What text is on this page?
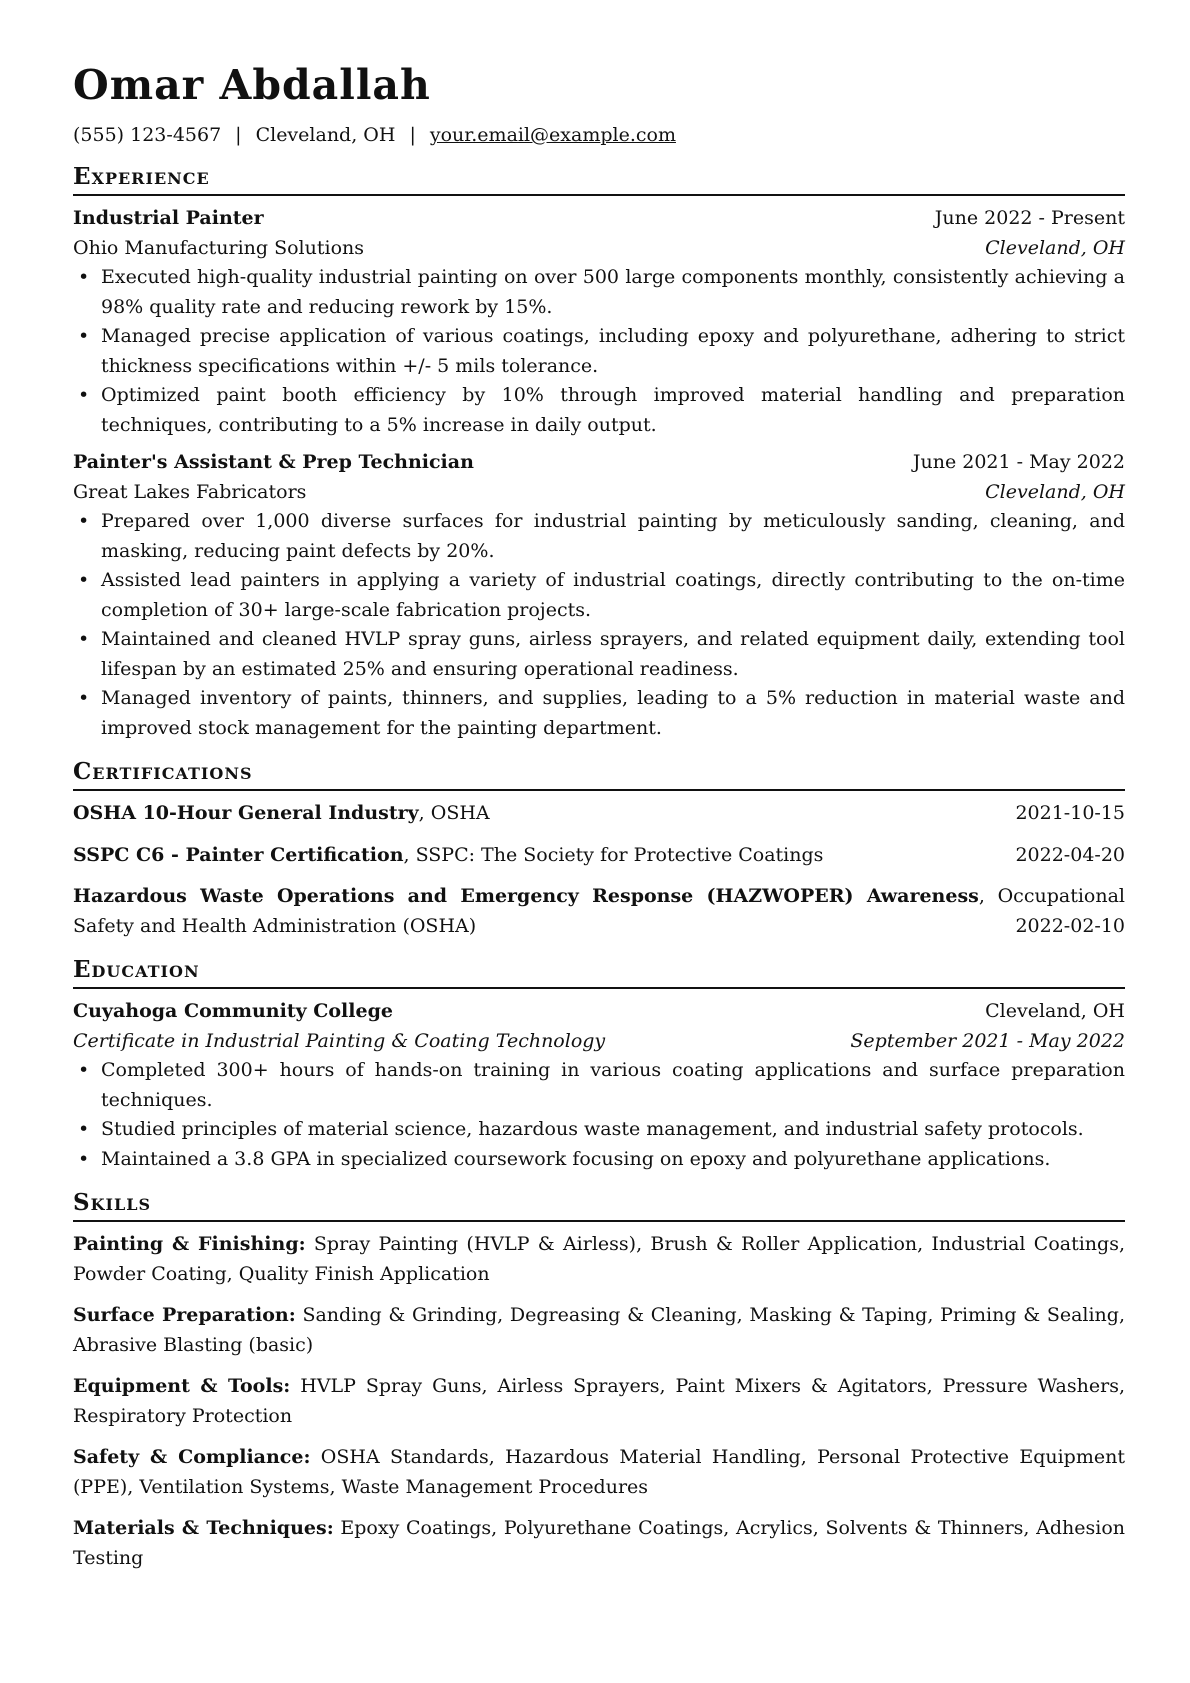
Omar Abdallah
(555) 123-4567 | Cleveland, OH | your.email@example.com
Experience
Industrial Painter	June 2022 - Present
Ohio Manufacturing Solutions	Cleveland, OH
• Executed high-quality industrial painting on over 500 large components monthly, consistently achieving a 98% quality rate and reducing rework by 15%.
• Managed precise application of various coatings, including epoxy and polyurethane, adhering to strict thickness specifications within +/- 5 mils tolerance.
• Optimized paint booth efficiency by 10% through improved material handling and preparation techniques, contributing to a 5% increase in daily output.
Painter's Assistant & Prep Technician	June 2021 - May 2022
Great Lakes Fabricators	Cleveland, OH
• Prepared over 1,000 diverse surfaces for industrial painting by meticulously sanding, cleaning, and masking, reducing paint defects by 20%.
• Assisted lead painters in applying a variety of industrial coatings, directly contributing to the on-time completion of 30+ large-scale fabrication projects.
• Maintained and cleaned HVLP spray guns, airless sprayers, and related equipment daily, extending tool lifespan by an estimated 25% and ensuring operational readiness.
• Managed inventory of paints, thinners, and supplies, leading to a 5% reduction in material waste and improved stock management for the painting department.
Certifications
OSHA 10-Hour General Industry, OSHA	2021-10-15
SSPC C6 - Painter Certification, SSPC: The Society for Protective Coatings	2022-04-20
Hazardous Waste Operations and Emergency Response (HAZWOPER) Awareness, Occupational Safety and Health Administration (OSHA)	2022-02-10
Education
Cuyahoga Community College	Cleveland, OH
Certificate in Industrial Painting & Coating Technology	September 2021 - May 2022
• Completed 300+ hours of hands-on training in various coating applications and surface preparation techniques.
• Studied principles of material science, hazardous waste management, and industrial safety protocols.
• Maintained a 3.8 GPA in specialized coursework focusing on epoxy and polyurethane applications.
Skills
Painting & Finishing: Spray Painting (HVLP & Airless), Brush & Roller Application, Industrial Coatings, Powder Coating, Quality Finish Application
Surface Preparation: Sanding & Grinding, Degreasing & Cleaning, Masking & Taping, Priming & Sealing, Abrasive Blasting (basic)
Equipment & Tools: HVLP Spray Guns, Airless Sprayers, Paint Mixers & Agitators, Pressure Washers, Respiratory Protection
Safety & Compliance: OSHA Standards, Hazardous Material Handling, Personal Protective Equipment (PPE), Ventilation Systems, Waste Management Procedures
Materials & Techniques: Epoxy Coatings, Polyurethane Coatings, Acrylics, Solvents & Thinners, Adhesion Testing
